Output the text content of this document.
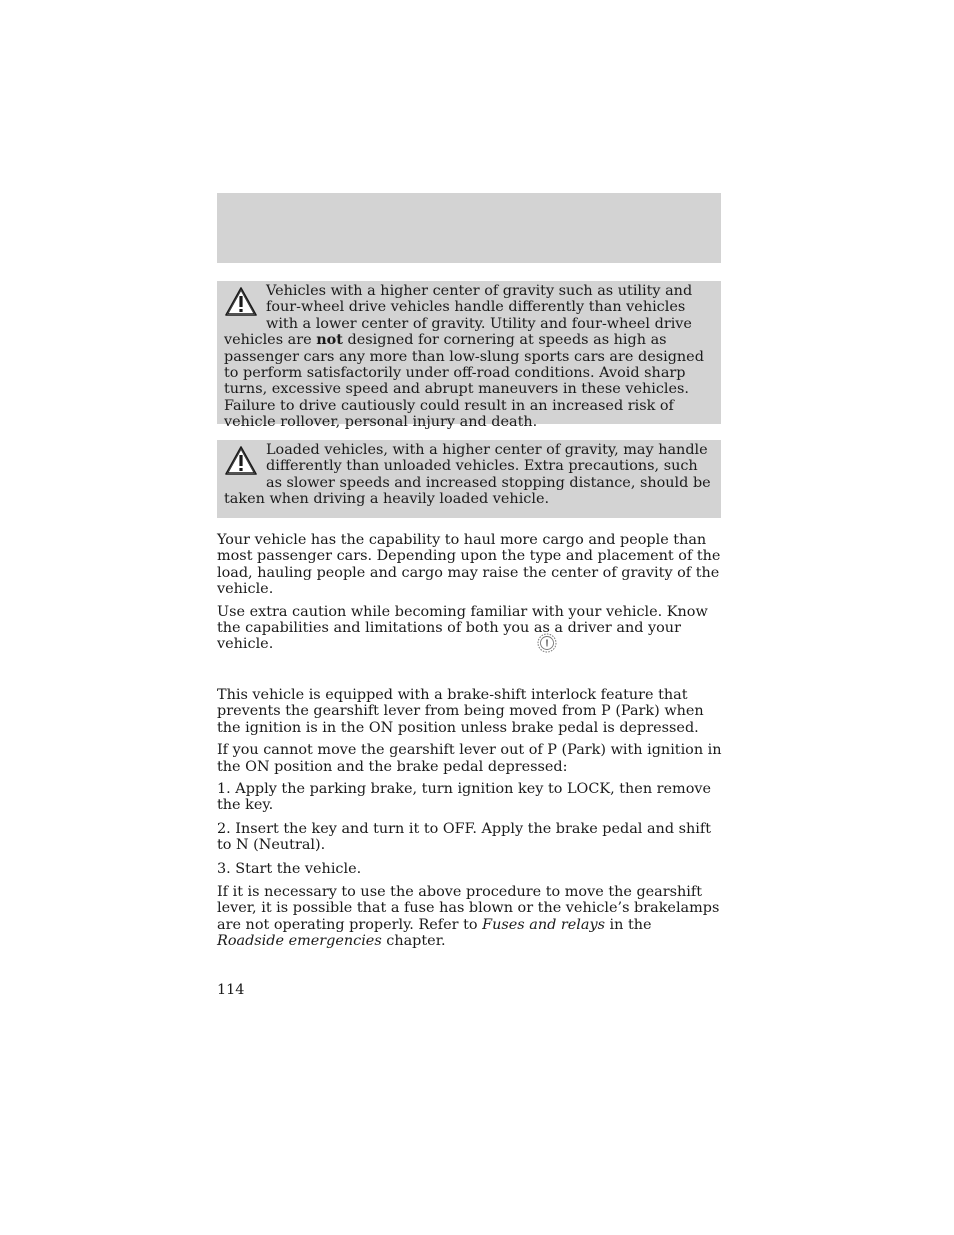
Vehicles with a higher center of gravity such as utility and four-wheel drive vehicles handle differently than vehicles with a lower center of gravity. Utility and four-wheel drive vehicles are not designed for cornering at speeds as high as passenger cars any more than low-slung sports cars are designed to perform satisfactorily under off-road conditions. Avoid sharp turns, excessive speed and abrupt maneuvers in these vehicles. Failure to drive cautiously could result in an increased risk of vehicle rollover, personal injury and death.

Loaded vehicles, with a higher center of gravity, may handle differently than unloaded vehicles. Extra precautions, such as slower speeds and increased stopping distance, should be taken when driving a heavily loaded vehicle.

Your vehicle has the capability to haul more cargo and people than most passenger cars. Depending upon the type and placement of the load, hauling people and cargo may raise the center of gravity of the vehicle.

Use extra caution while becoming familiar with your vehicle. Know the capabilities and limitations of both you as a driver and your vehicle.

This vehicle is equipped with a brake-shift interlock feature that prevents the gearshift lever from being moved from P (Park) when the ignition is in the ON position unless brake pedal is depressed.

If you cannot move the gearshift lever out of P (Park) with ignition in the ON position and the brake pedal depressed:

1. Apply the parking brake, turn ignition key to LOCK, then remove the key.

2. Insert the key and turn it to OFF. Apply the brake pedal and shift to N (Neutral).

3. Start the vehicle.

If it is necessary to use the above procedure to move the gearshift lever, it is possible that a fuse has blown or the vehicle’s brakelamps are not operating properly. Refer to Fuses and relays in the Roadside emergencies chapter.

114
